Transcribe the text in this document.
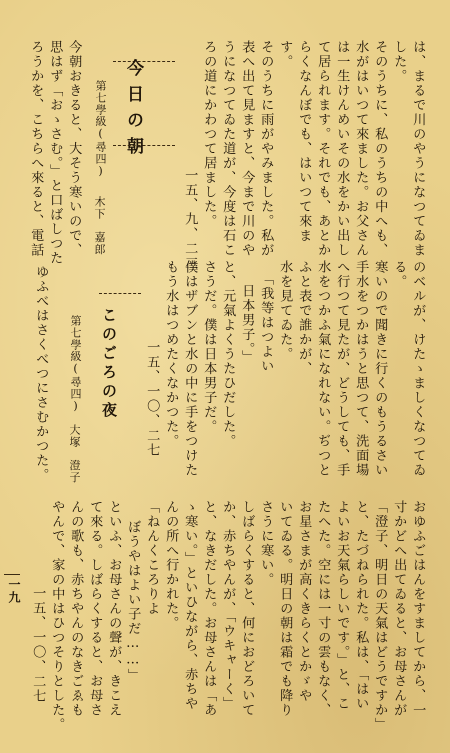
は、まるで川のやうになつてゐま
した。
そのうちに、私のうちの中へも、
水がはいつて來ました。お父さん
は一生けんめいその水をかい出し
て居られます。それでも、あとか
らくなんぼでも、はいつて來ま
す。
そのうちに雨がやみました。私が
表へ出て見ますと、今まで川のや
うになつてゐた道が、今度は石こ
ろの道にかわつて居ました。
一五、九、二三
今日の朝
第七學級(尋四)
木下　嘉郎
今朝おきると、大そう寒いので、
思はず「おゝさむ。」と口ばしつた
ろうかを、こちらへ來ると、電話
のベルが、けたゝましくなつてゐ
る。
寒いので聞きに行くのもうるさい
手水をつかはうと思つて、洗面場
へ行つて見たが、どうしても、手
水をつかふ氣になれない。ぢつと
ふと表で誰かが、
水を見てゐた。
「我等はつよい
日本男子。」
と、元氣よくうたひだした。
さうだ。僕は日本男子だ。
僕はザブンと水の中に手をつけた
もう水はつめたくなかつた。
一五、一〇、二七
このごろの夜
第七學級(尋四)
大塚　澄子
ゆふべはさくべつにさむかつた。
一九	おゆふごはんをすましてから、一
寸かどへ出てゐると、お母さんが
「澄子、明日の天氣はどうですか」
と、たづねられた。私は、「はい
よいお天氣らしいです。」と、こ
たへた。空には一寸の雲もなく、
お星さまが高くきらくとかゞや
いてゐる。明日の朝は霜でも降り
さうに寒い。
しばらくすると、何におどろいて
か、赤ちやんが、「ウキャーく」
と、なきだした。お母さんは「あ
ゝ寒い。」といひながら、赤ちや
んの所へ行かれた。
「ねんくころりよ
ぼうやはよい子だ……」
といふ、お母さんの聲が、きこえ
て來る。しばらくすると、お母さ
んの歌も、赤ちやんのなきごゑも
やんで、家の中はひつそりとした。
一五、一〇、二七
